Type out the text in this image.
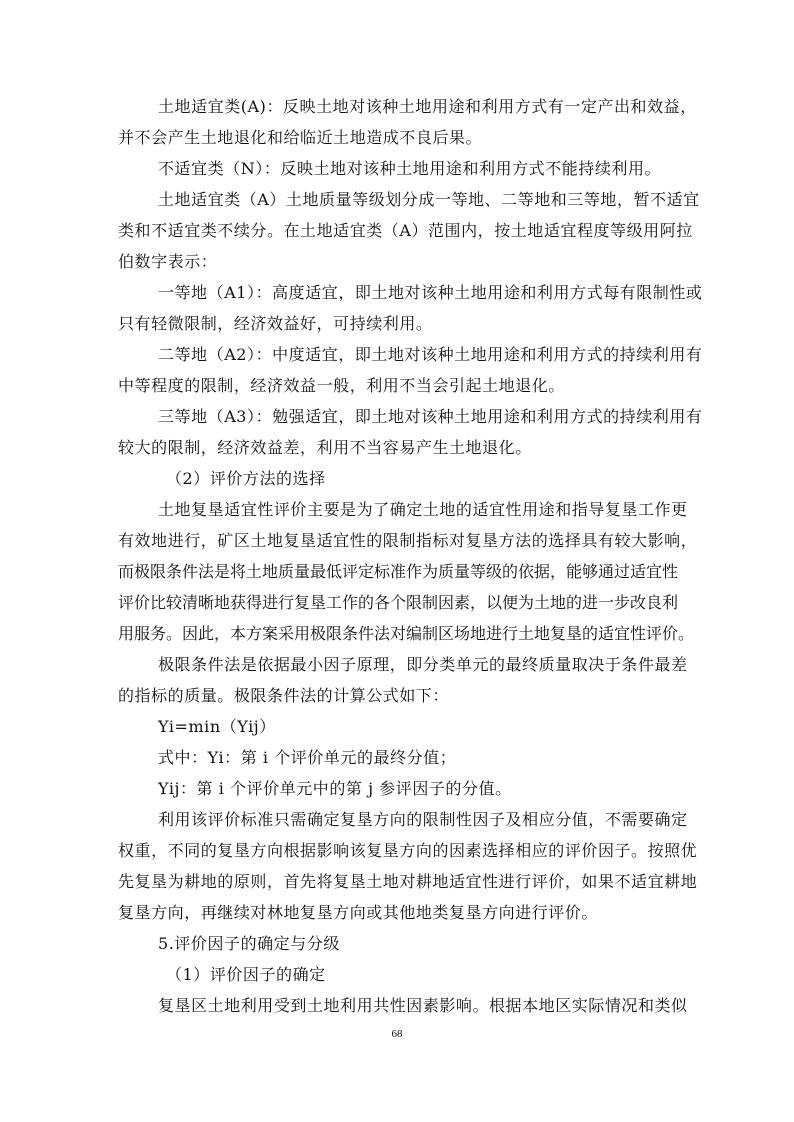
土地适宜类(A)：反映土地对该种土地用途和利用方式有一定产出和效益，
并不会产生土地退化和给临近土地造成不良后果。
不适宜类（N）：反映土地对该种土地用途和利用方式不能持续利用。
土地适宜类（A）土地质量等级划分成一等地、二等地和三等地，暂不适宜
类和不适宜类不续分。在土地适宜类（A）范围内，按土地适宜程度等级用阿拉
伯数字表示：
一等地（A1）：高度适宜，即土地对该种土地用途和利用方式每有限制性或
只有轻微限制，经济效益好，可持续利用。
二等地（A2）：中度适宜，即土地对该种土地用途和利用方式的持续利用有
中等程度的限制，经济效益一般，利用不当会引起土地退化。
三等地（A3）：勉强适宜，即土地对该种土地用途和利用方式的持续利用有
较大的限制，经济效益差，利用不当容易产生土地退化。
（2）评价方法的选择
土地复垦适宜性评价主要是为了确定土地的适宜性用途和指导复垦工作更
有效地进行，矿区土地复垦适宜性的限制指标对复垦方法的选择具有较大影响，
而极限条件法是将土地质量最低评定标准作为质量等级的依据，能够通过适宜性
评价比较清晰地获得进行复垦工作的各个限制因素，以便为土地的进一步改良利
用服务。因此，本方案采用极限条件法对编制区场地进行土地复垦的适宜性评价。
极限条件法是依据最小因子原理，即分类单元的最终质量取决于条件最差
的指标的质量。极限条件法的计算公式如下：
Yi=min（Yij）
式中：Yi：第 i 个评价单元的最终分值；
Yij：第 i 个评价单元中的第 j 参评因子的分值。
利用该评价标准只需确定复垦方向的限制性因子及相应分值，不需要确定
权重，不同的复垦方向根据影响该复垦方向的因素选择相应的评价因子。按照优
先复垦为耕地的原则，首先将复垦土地对耕地适宜性进行评价，如果不适宜耕地
复垦方向，再继续对林地复垦方向或其他地类复垦方向进行评价。
5.评价因子的确定与分级
（1）评价因子的确定
复垦区土地利用受到土地利用共性因素影响。根据本地区实际情况和类似
68
